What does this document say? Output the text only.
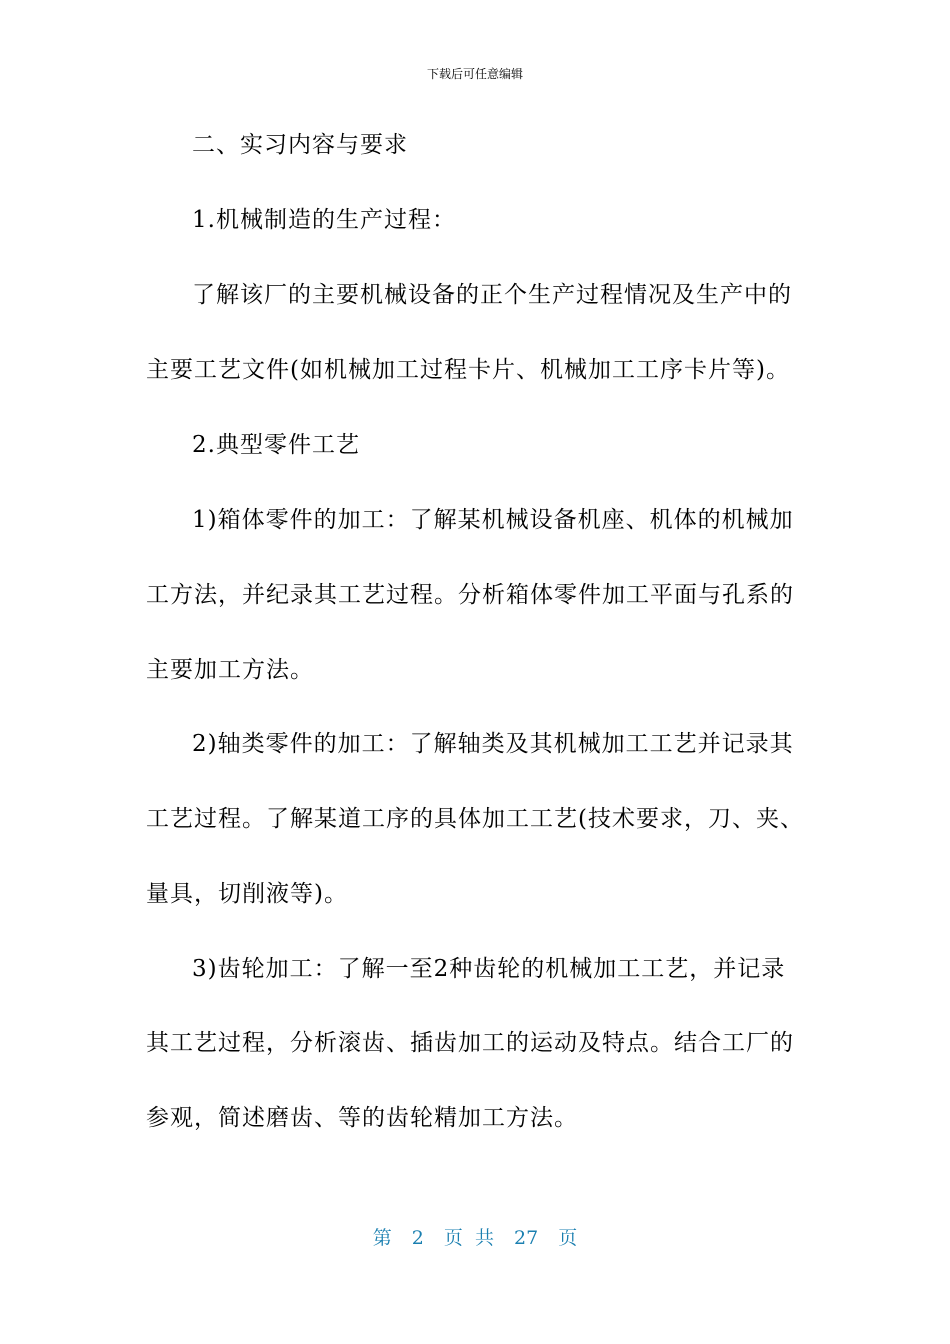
下载后可任意编辑
二、实习内容与要求
1.机械制造的生产过程：
了解该厂的主要机械设备的正个生产过程情况及生产中的
主要工艺文件(如机械加工过程卡片、机械加工工序卡片等)。
2.典型零件工艺
1)箱体零件的加工：了解某机械设备机座、机体的机械加
工方法，并纪录其工艺过程。分析箱体零件加工平面与孔系的
主要加工方法。
2)轴类零件的加工：了解轴类及其机械加工工艺并记录其
工艺过程。了解某道工序的具体加工工艺(技术要求，刀、夹、
量具，切削液等)。
3)齿轮加工：了解一至2种齿轮的机械加工工艺，并记录
其工艺过程，分析滚齿、插齿加工的运动及特点。结合工厂的
参观，简述磨齿、等的齿轮精加工方法。
第 2 页 共 27 页
